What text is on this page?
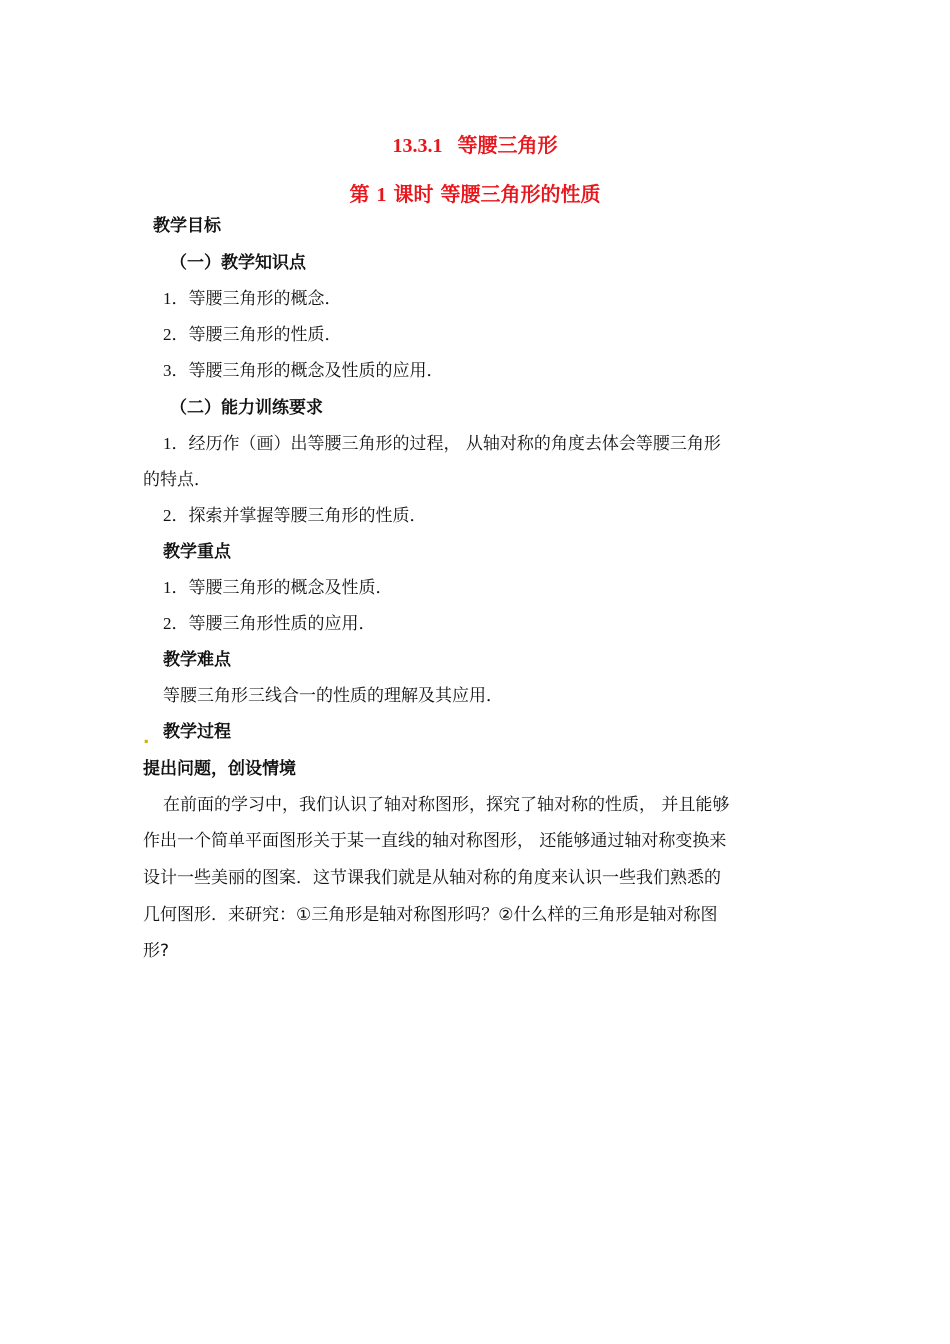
13.3.1 等腰三角形
第 1 课时 等腰三角形的性质
教学目标
（一）教学知识点
1．等腰三角形的概念．
2．等腰三角形的性质．
3．等腰三角形的概念及性质的应用．
（二）能力训练要求
1．经历作（画）出等腰三角形的过程， 从轴对称的角度去体会等腰三角形
的特点．
2．探索并掌握等腰三角形的性质．
教学重点
1．等腰三角形的概念及性质．
2．等腰三角形性质的应用．
教学难点
等腰三角形三线合一的性质的理解及其应用．
. 教学过程
提出问题，创设情境
在前面的学习中，我们认识了轴对称图形，探究了轴对称的性质， 并且能够
作出一个简单平面图形关于某一直线的轴对称图形， 还能够通过轴对称变换来
设计一些美丽的图案．这节课我们就是从轴对称的角度来认识一些我们熟悉的
几何图形．来研究：①三角形是轴对称图形吗？②什么样的三角形是轴对称图
形?
